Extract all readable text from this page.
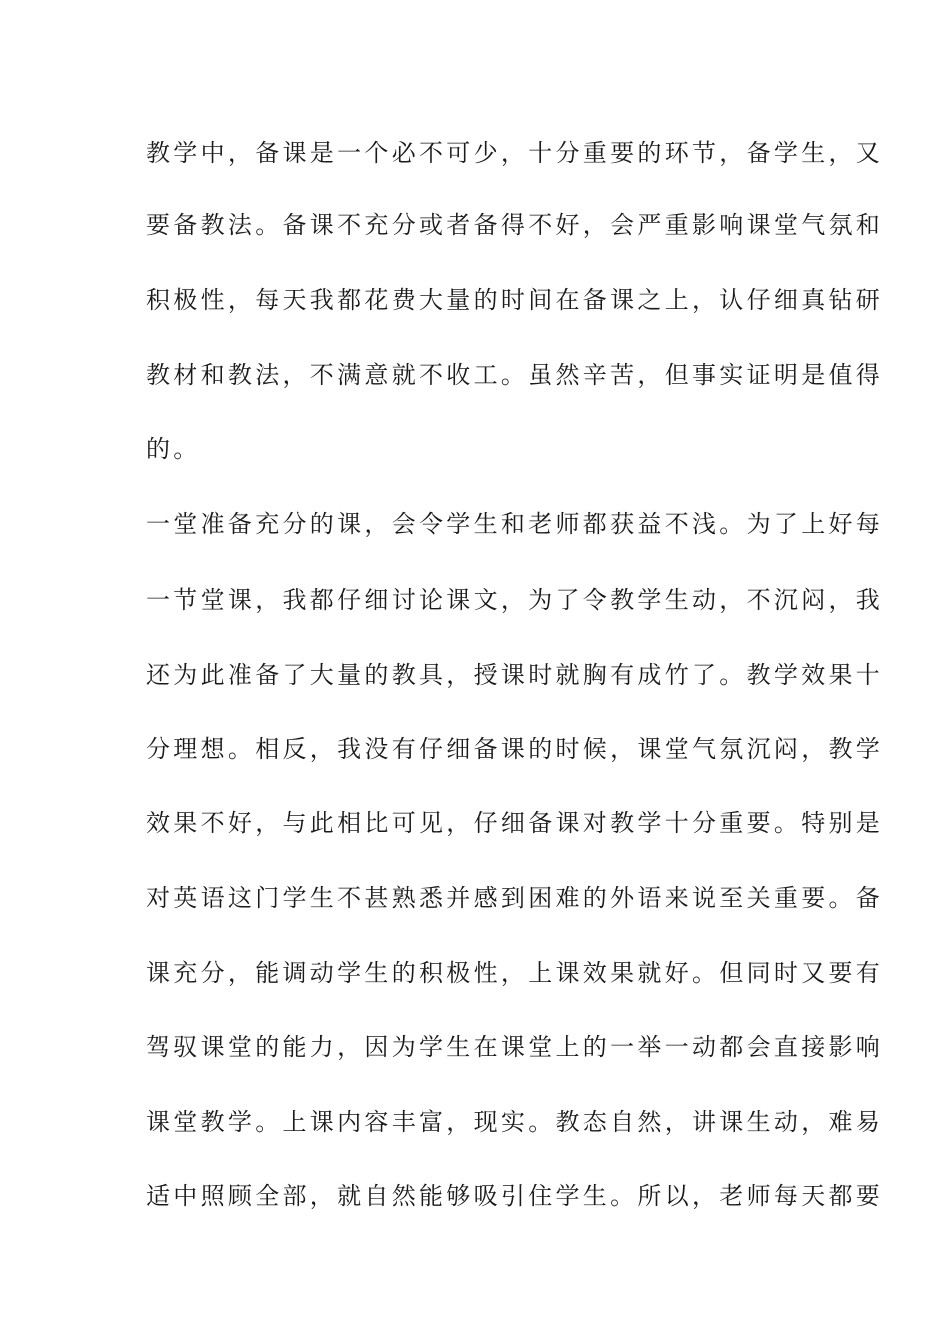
教学中，备课是一个必不可少，十分重要的环节，备学生，又
要备教法。备课不充分或者备得不好，会严重影响课堂气氛和
积极性，每天我都花费大量的时间在备课之上，认仔细真钻研
教材和教法，不满意就不收工。虽然辛苦，但事实证明是值得
的。
一堂准备充分的课，会令学生和老师都获益不浅。为了上好每
一节堂课，我都仔细讨论课文，为了令教学生动，不沉闷，我
还为此准备了大量的教具，授课时就胸有成竹了。教学效果十
分理想。相反，我没有仔细备课的时候，课堂气氛沉闷，教学
效果不好，与此相比可见，仔细备课对教学十分重要。特别是
对英语这门学生不甚熟悉并感到困难的外语来说至关重要。备
课充分，能调动学生的积极性，上课效果就好。但同时又要有
驾驭课堂的能力，因为学生在课堂上的一举一动都会直接影响
课堂教学。上课内容丰富，现实。教态自然，讲课生动，难易
适中照顾全部，就自然能够吸引住学生。所以，老师每天都要
